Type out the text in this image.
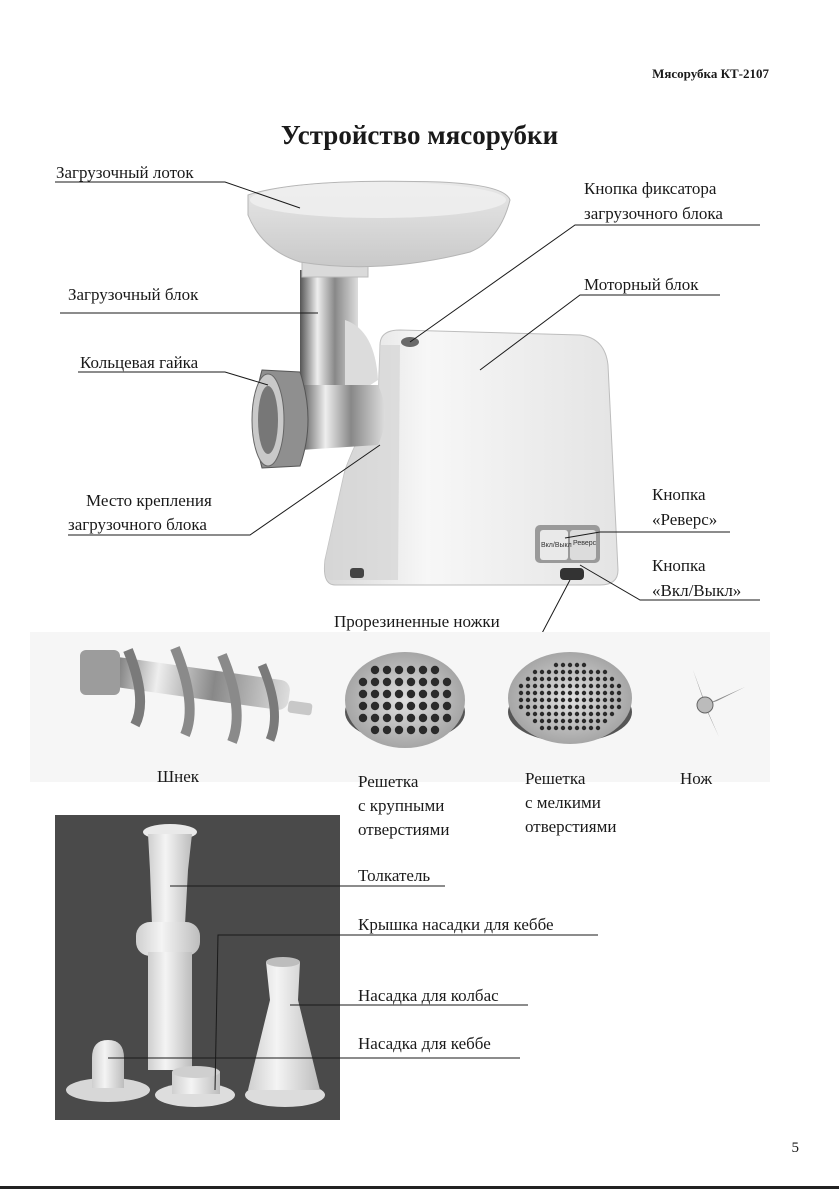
Мясорубка КТ-2107
Устройство мясорубки
Вкл/Выкл Реверс
Загрузочный лоток
Кнопка фиксатора
загрузочного блока
Загрузочный блок
Моторный блок
Кольцевая гайка
Место крепления
загрузочного блока
Кнопка
«Реверс»
Кнопка
«Вкл/Выкл»
Прорезиненные ножки
Шнек	Решетка
с крупными
отверстиями
Решетка
с мелкими
отверстиями
Нож
Толкатель
Крышка насадки для кеббе
Насадка для колбас
Насадка для кеббе
5
